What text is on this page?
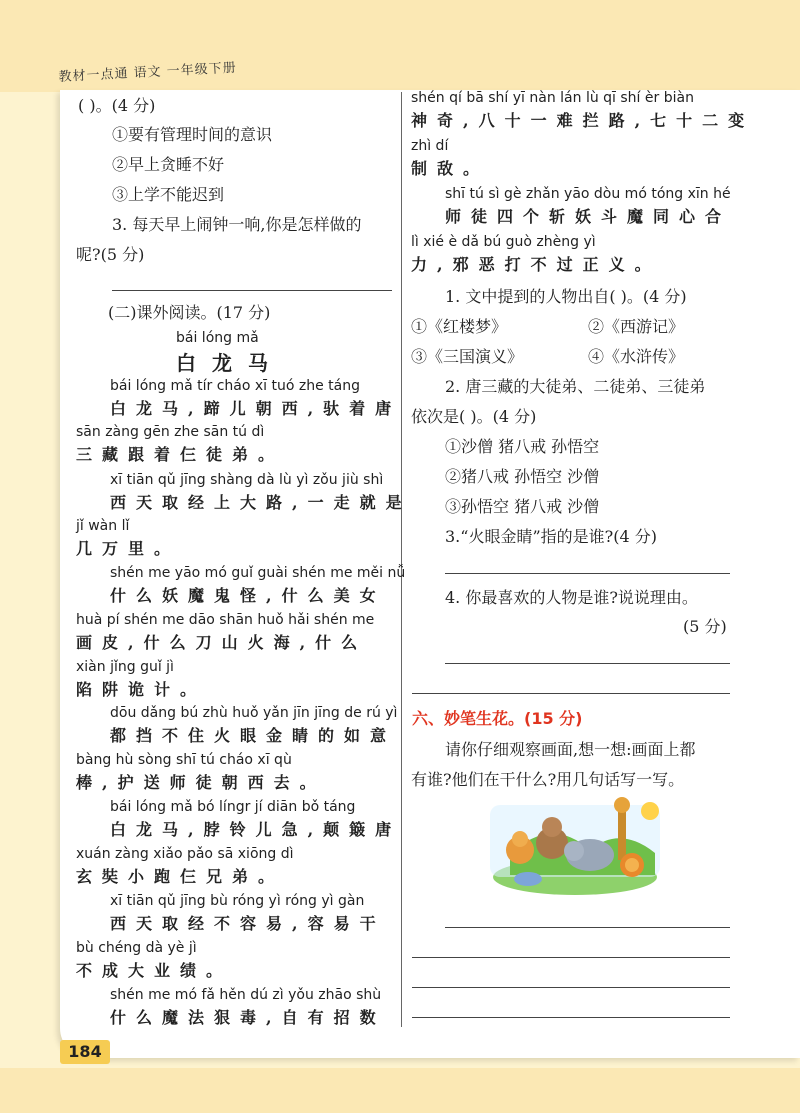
教材一点通 语文 一年级下册
184
( )。(4 分)
①要有管理时间的意识
②早上贪睡不好
③上学不能迟到
3. 每天早上闹钟一响,你是怎样做的
呢?(5 分)
(二)课外阅读。(17 分)
bái lóng mǎ
白龙马
bái lóng mǎ tír cháo xī tuó zhe táng
白龙马,蹄儿朝西,驮着唐
sān zàng gēn zhe sān tú dì
三藏跟着仨徒弟。
xī tiān qǔ jīng shàng dà lù yì zǒu jiù shì
西天取经上大路,一走就是
jǐ wàn lǐ
几万里。
shén me yāo mó guǐ guài shén me měi nǚ
什么妖魔鬼怪,什么美女
huà pí shén me dāo shān huǒ hǎi shén me
画皮,什么刀山火海,什么
xiàn jǐng guǐ jì
陷阱诡计。
dōu dǎng bú zhù huǒ yǎn jīn jīng de rú yì
都挡不住火眼金睛的如意
bàng hù sòng shī tú cháo xī qù
棒,护送师徒朝西去。
bái lóng mǎ bó língr jí diān bǒ táng
白龙马,脖铃儿急,颠簸唐
xuán zàng xiǎo pǎo sā xiōng dì
玄奘小跑仨兄弟。
xī tiān qǔ jīng bù róng yì róng yì gàn
西天取经不容易,容易干
bù chéng dà yè jì
不成大业绩。
shén me mó fǎ hěn dú zì yǒu zhāo shù
什么魔法狠毒,自有招数
shén qí bā shí yī nàn lán lù qī shí èr biàn
神奇,八十一难拦路,七十二变
zhì dí
制敌。
shī tú sì gè zhǎn yāo dòu mó tóng xīn hé
师徒四个斩妖斗魔同心合
lì xié è dǎ bú guò zhèng yì
力,邪恶打不过正义。
1. 文中提到的人物出自( )。(4 分)
①《红楼梦》	②《西游记》
③《三国演义》	④《水浒传》
2. 唐三藏的大徒弟、二徒弟、三徒弟
依次是( )。(4 分)
①沙僧 猪八戒 孙悟空
②猪八戒 孙悟空 沙僧
③孙悟空 猪八戒 沙僧
3.“火眼金睛”指的是谁?(4 分)
4. 你最喜欢的人物是谁?说说理由。
(5 分)
六、妙笔生花。(15 分)
请你仔细观察画面,想一想:画面上都
有谁?他们在干什么?用几句话写一写。
